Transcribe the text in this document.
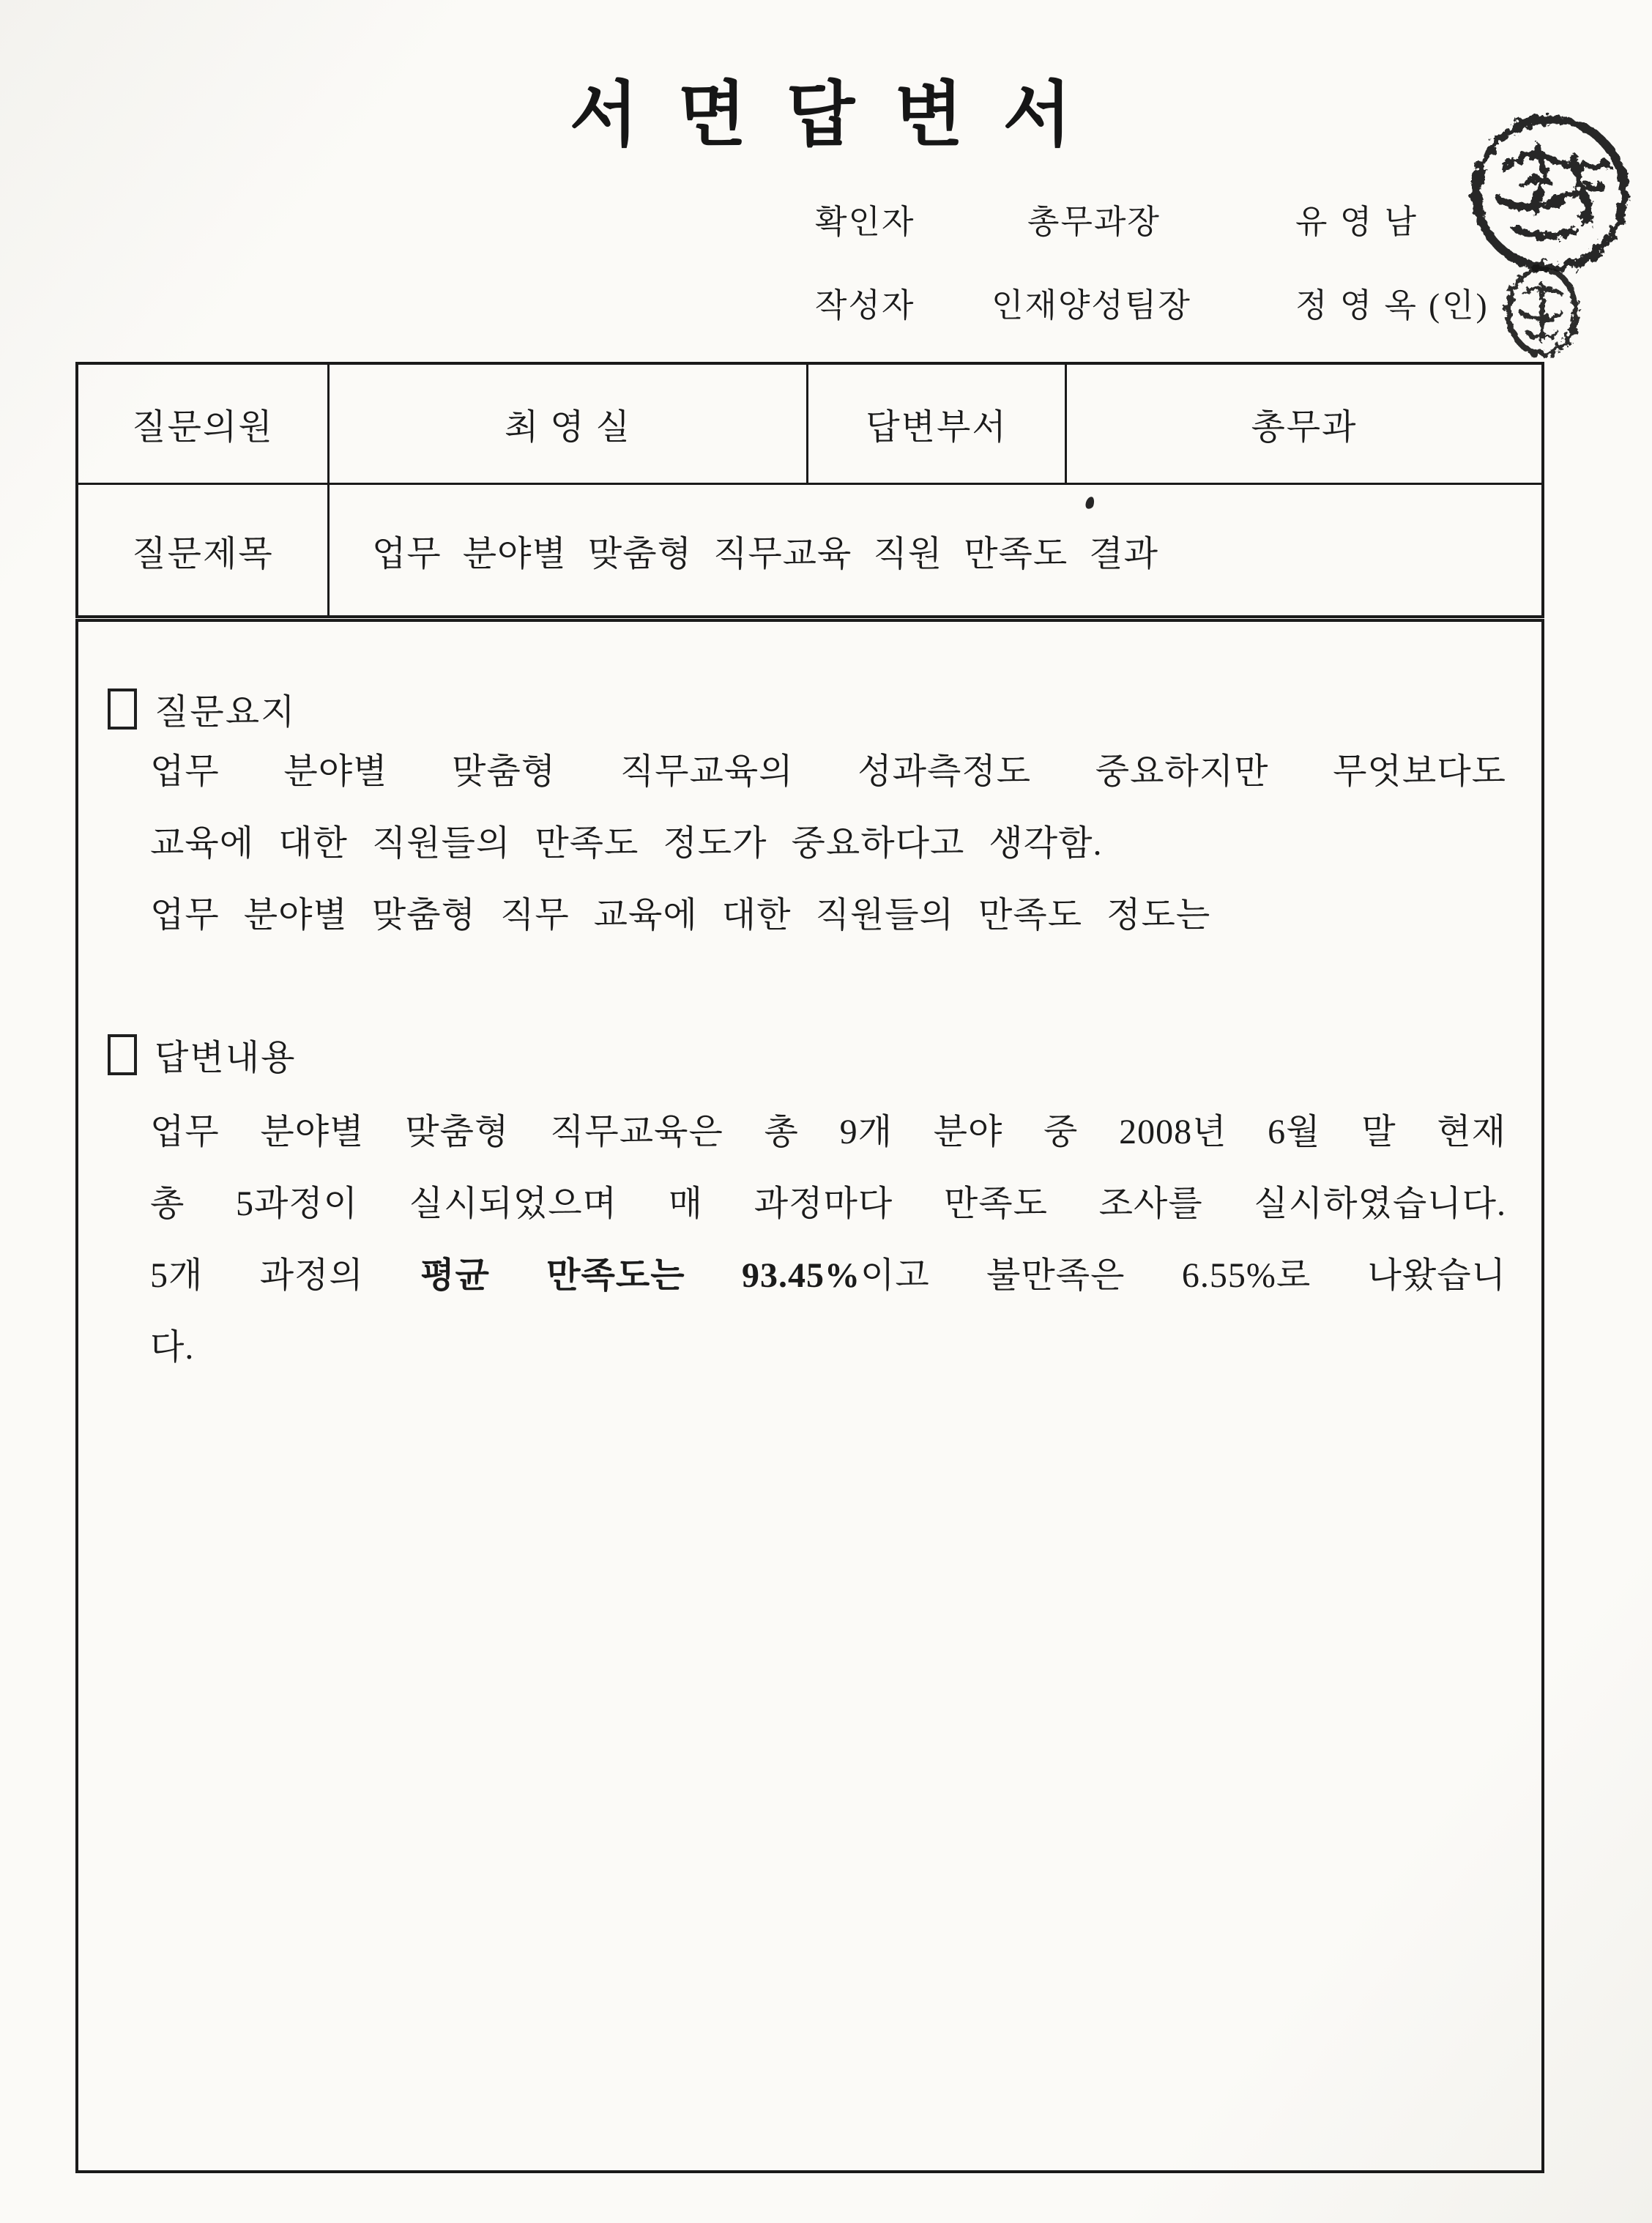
서 면 답 변 서
확인자	총무과장	유 영 남
작성자 인재양성팀장	정 영 옥 (인)
질문의원	최 영 실	답변부서	총무과
질문제목	업무 분야별 맞춤형 직무교육 직원 만족도 결과
질문요지
업무 분야별 맞춤형 직무교육의 성과측정도 중요하지만 무엇보다도
교육에 대한 직원들의 만족도 정도가 중요하다고 생각함.
업무 분야별 맞춤형 직무 교육에 대한 직원들의 만족도 정도는
답변내용
업무 분야별 맞춤형 직무교육은 총 9개 분야 중 2008년 6월 말 현재
총 5과정이 실시되었으며 매 과정마다 만족도 조사를 실시하였습니다.
5개 과정의 평균 만족도는 93.45%이고 불만족은 6.55%로 나왔습니
다.
